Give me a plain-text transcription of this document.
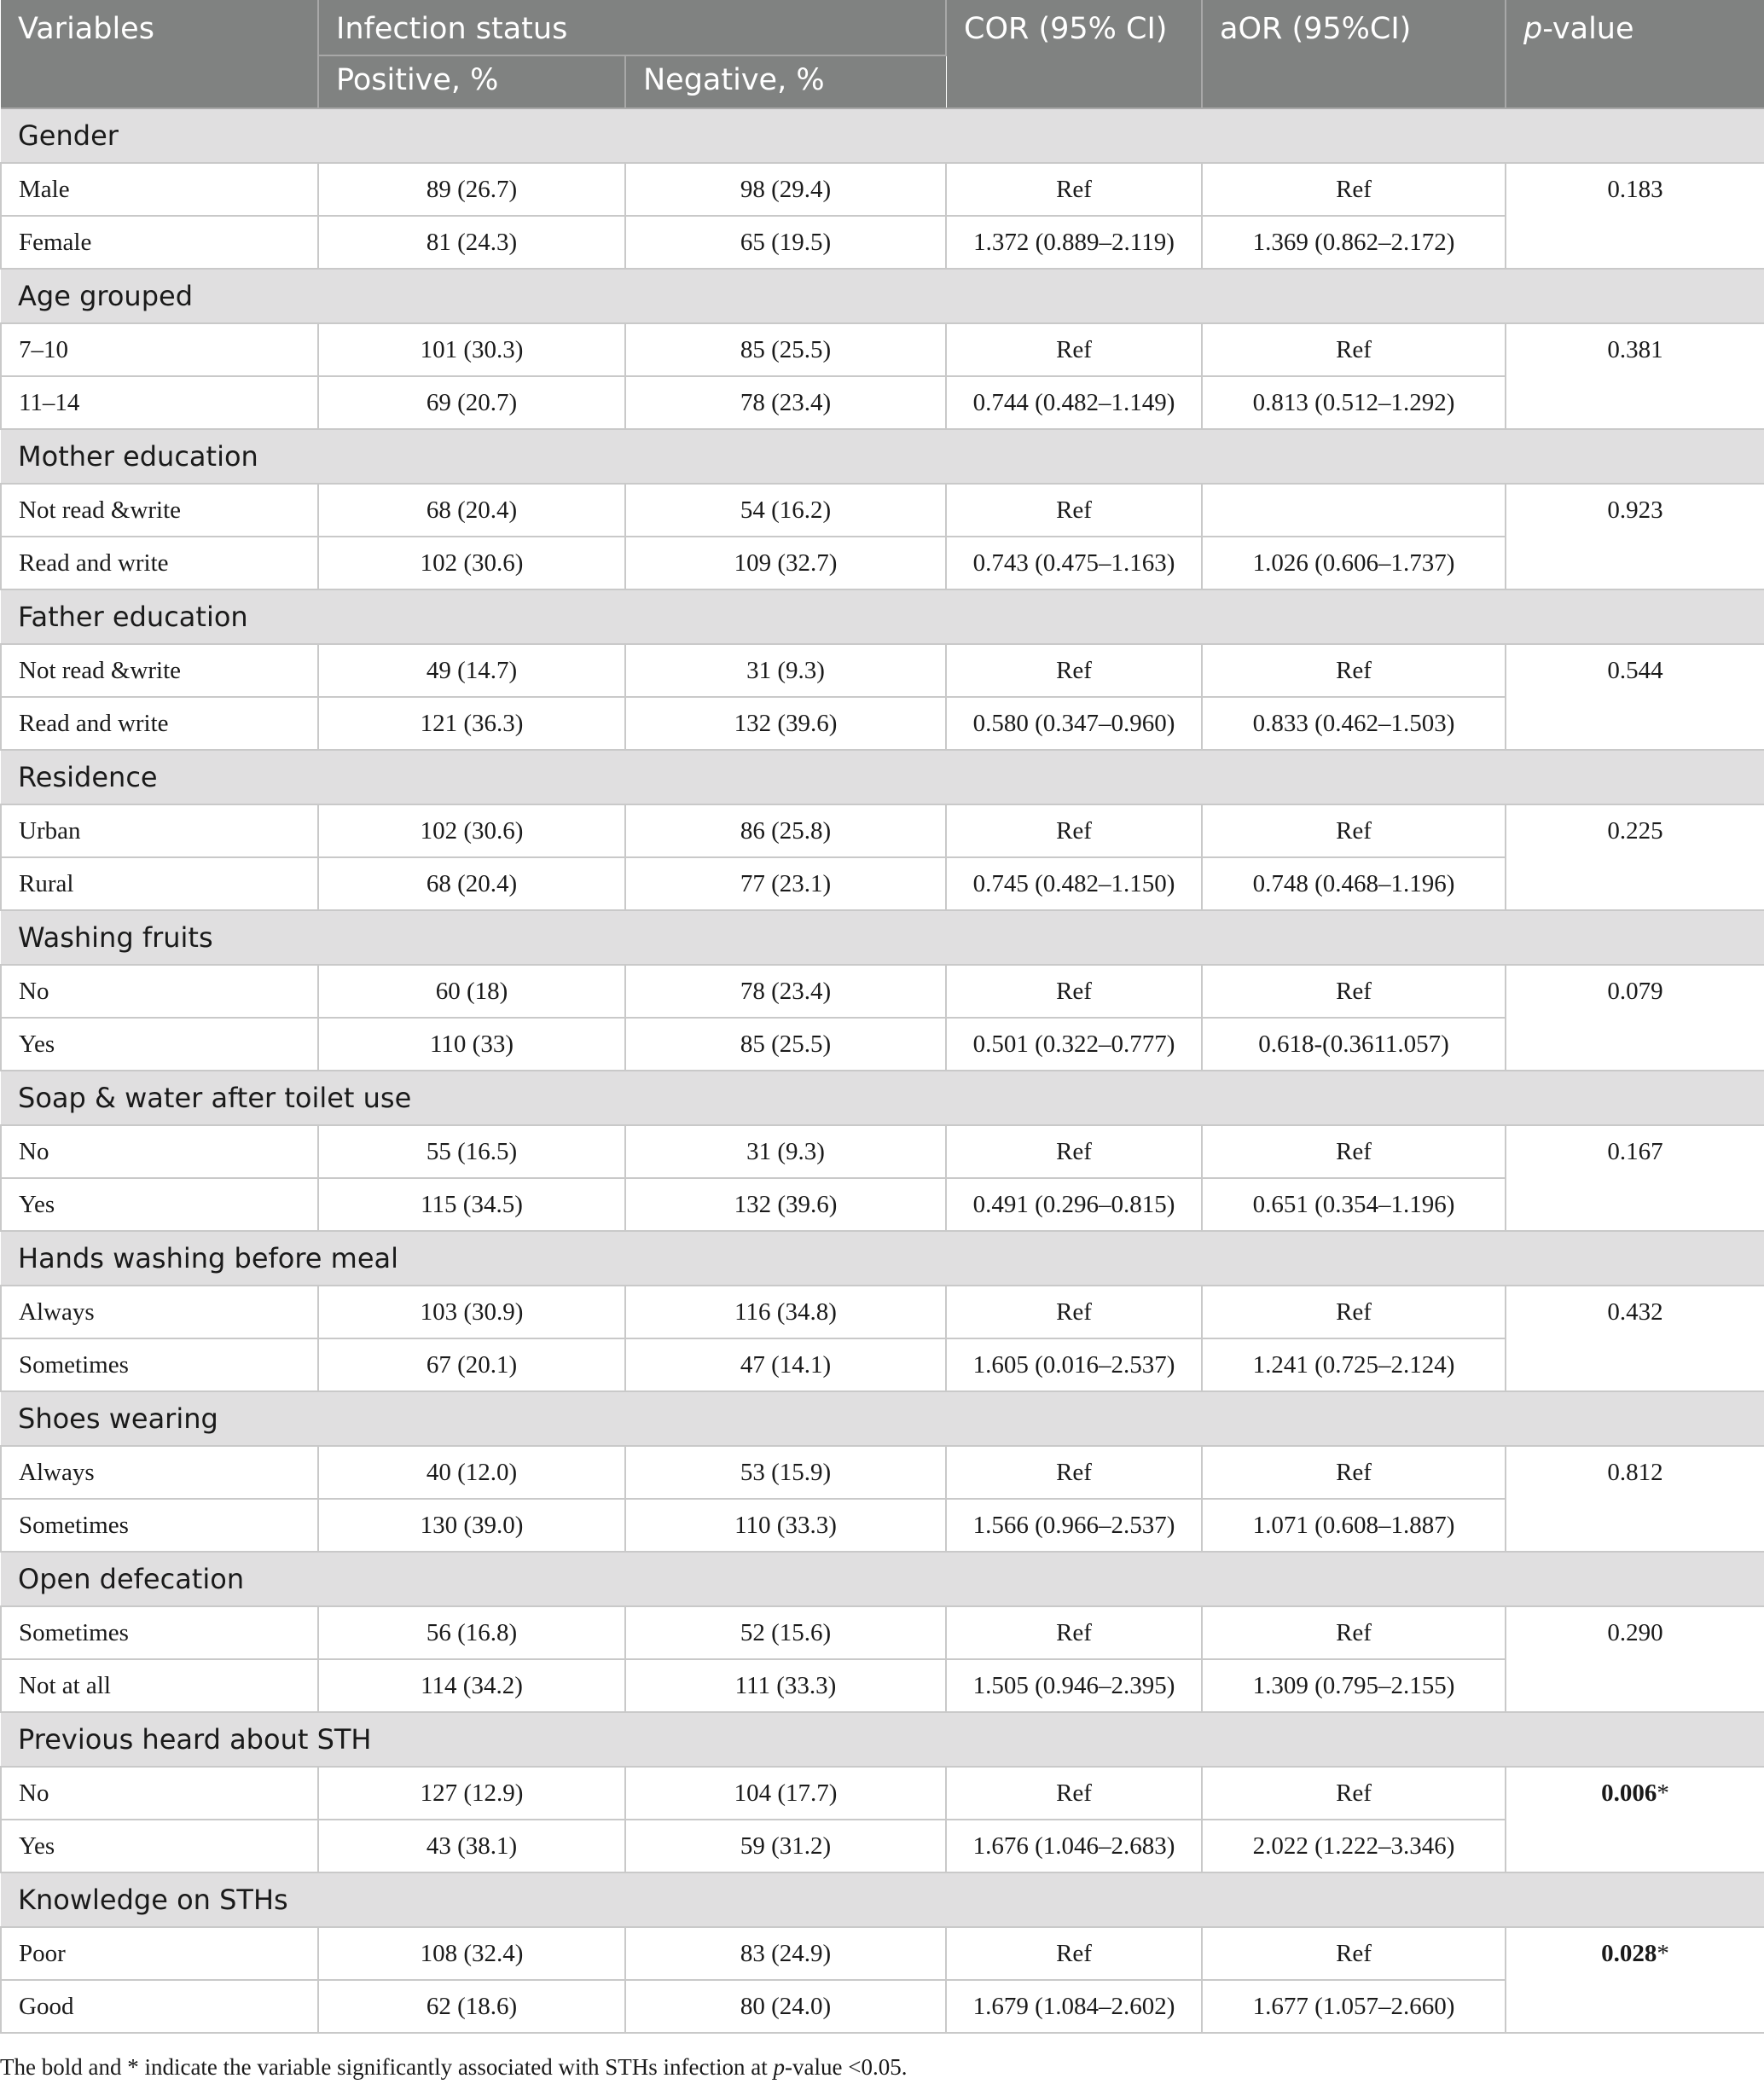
Variables	Infection status		COR (95% CI)	aOR (95%CI)	p-value
	Positive, %	Negative, %			
Gender					
Male	89 (26.7)	98 (29.4)	Ref	Ref	0.183
Female	81 (24.3)	65 (19.5)	1.372 (0.889–2.119)	1.369 (0.862–2.172)	
Age grouped					
7–10	101 (30.3)	85 (25.5)	Ref	Ref	0.381
11–14	69 (20.7)	78 (23.4)	0.744 (0.482–1.149)	0.813 (0.512–1.292)	
Mother education					
Not read &write	68 (20.4)	54 (16.2)	Ref		0.923
Read and write	102 (30.6)	109 (32.7)	0.743 (0.475–1.163)	1.026 (0.606–1.737)	
Father education					
Not read &write	49 (14.7)	31 (9.3)	Ref	Ref	0.544
Read and write	121 (36.3)	132 (39.6)	0.580 (0.347–0.960)	0.833 (0.462–1.503)	
Residence					
Urban	102 (30.6)	86 (25.8)	Ref	Ref	0.225
Rural	68 (20.4)	77 (23.1)	0.745 (0.482–1.150)	0.748 (0.468–1.196)	
Washing fruits					
No	60 (18)	78 (23.4)	Ref	Ref	0.079
Yes	110 (33)	85 (25.5)	0.501 (0.322–0.777)	0.618-(0.3611.057)	
Soap & water after toilet use					
No	55 (16.5)	31 (9.3)	Ref	Ref	0.167
Yes	115 (34.5)	132 (39.6)	0.491 (0.296–0.815)	0.651 (0.354–1.196)	
Hands washing before meal					
Always	103 (30.9)	116 (34.8)	Ref	Ref	0.432
Sometimes	67 (20.1)	47 (14.1)	1.605 (0.016–2.537)	1.241 (0.725–2.124)	
Shoes wearing					
Always	40 (12.0)	53 (15.9)	Ref	Ref	0.812
Sometimes	130 (39.0)	110 (33.3)	1.566 (0.966–2.537)	1.071 (0.608–1.887)	
Open defecation					
Sometimes	56 (16.8)	52 (15.6)	Ref	Ref	0.290
Not at all	114 (34.2)	111 (33.3)	1.505 (0.946–2.395)	1.309 (0.795–2.155)	
Previous heard about STH					
No	127 (12.9)	104 (17.7)	Ref	Ref	0.006*
Yes	43 (38.1)	59 (31.2)	1.676 (1.046–2.683)	2.022 (1.222–3.346)	
Knowledge on STHs					
Poor	108 (32.4)	83 (24.9)	Ref	Ref	0.028*
Good	62 (18.6)	80 (24.0)	1.679 (1.084–2.602)	1.677 (1.057–2.660)	
The bold and * indicate the variable significantly associated with STHs infection at p-value <0.05.
